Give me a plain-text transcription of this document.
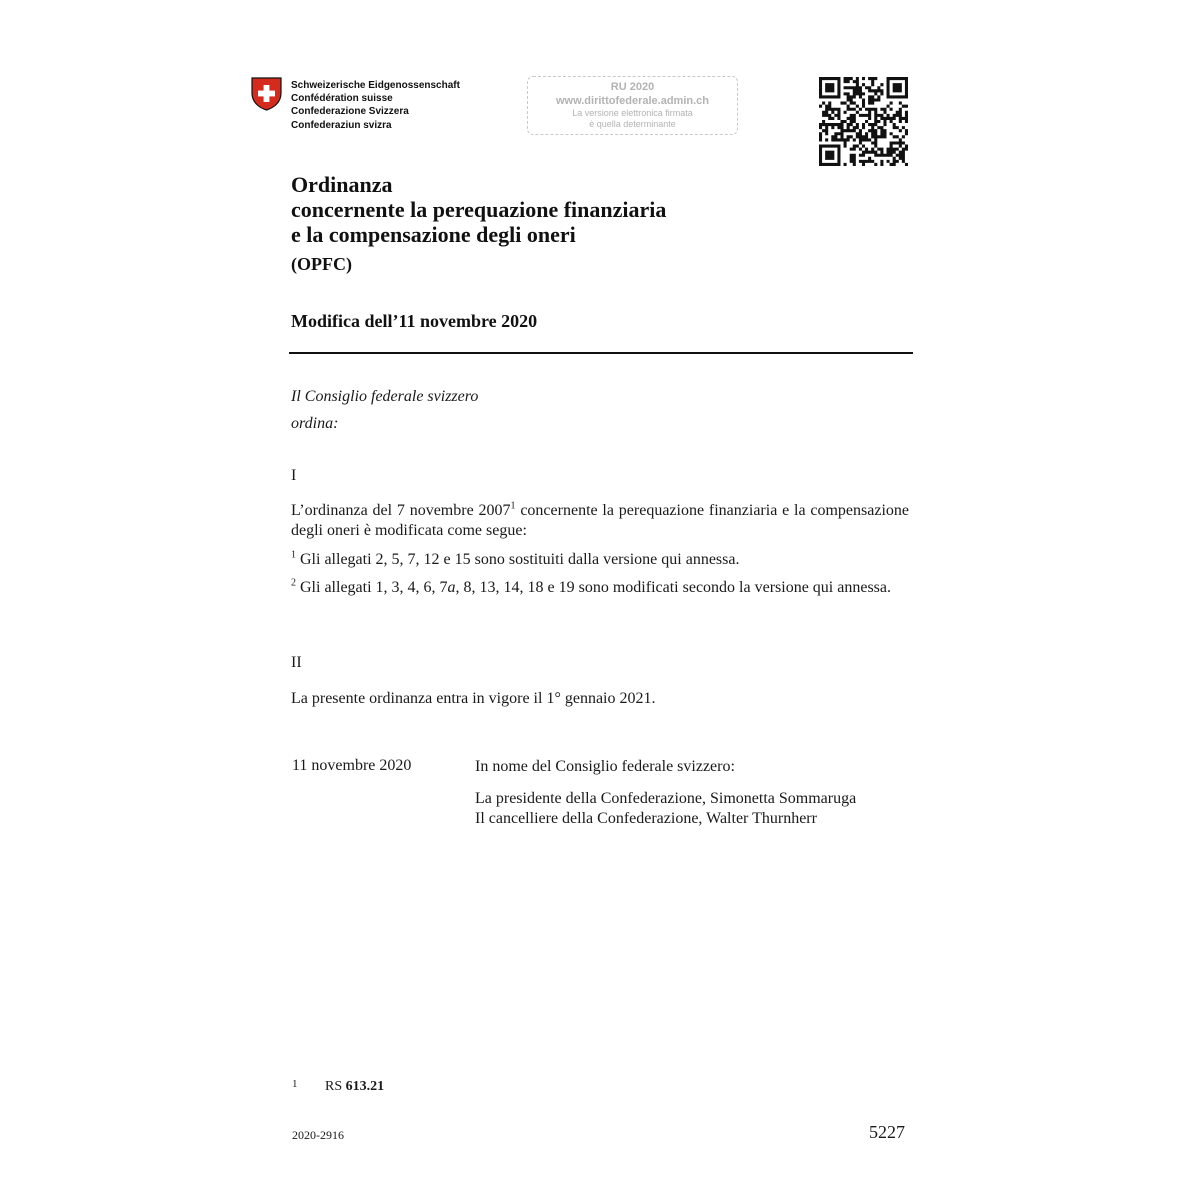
Schweizerische Eidgenossenschaft
Confédération suisse
Confederazione Svizzera
Confederaziun svizra
RU 2020
www.dirittofederale.admin.ch
La versione elettronica firmata
è quella determinante
Ordinanza
concernente la perequazione finanziaria
e la compensazione degli oneri
(OPFC)
Modifica dell’11 novembre 2020
Il Consiglio federale svizzero
ordina:
I
L’ordinanza del 7 novembre 2007$^1$ concernente la perequazione finanziaria e la compensazione degli oneri è modificata come segue:
$^1$ Gli allegati 2, 5, 7, 12 e 15 sono sostituiti dalla versione qui annessa.
$^2$ Gli allegati 1, 3, 4, 6, 7a, 8, 13, 14, 18 e 19 sono modificati secondo la versione qui annessa.
II
La presente ordinanza entra in vigore il 1° gennaio 2021.
11 novembre 2020	In nome del Consiglio federale svizzero:
La presidente della Confederazione, Simonetta Sommaruga
Il cancelliere della Confederazione, Walter Thurnherr
1 RS 613.21
2020-2916	5227
